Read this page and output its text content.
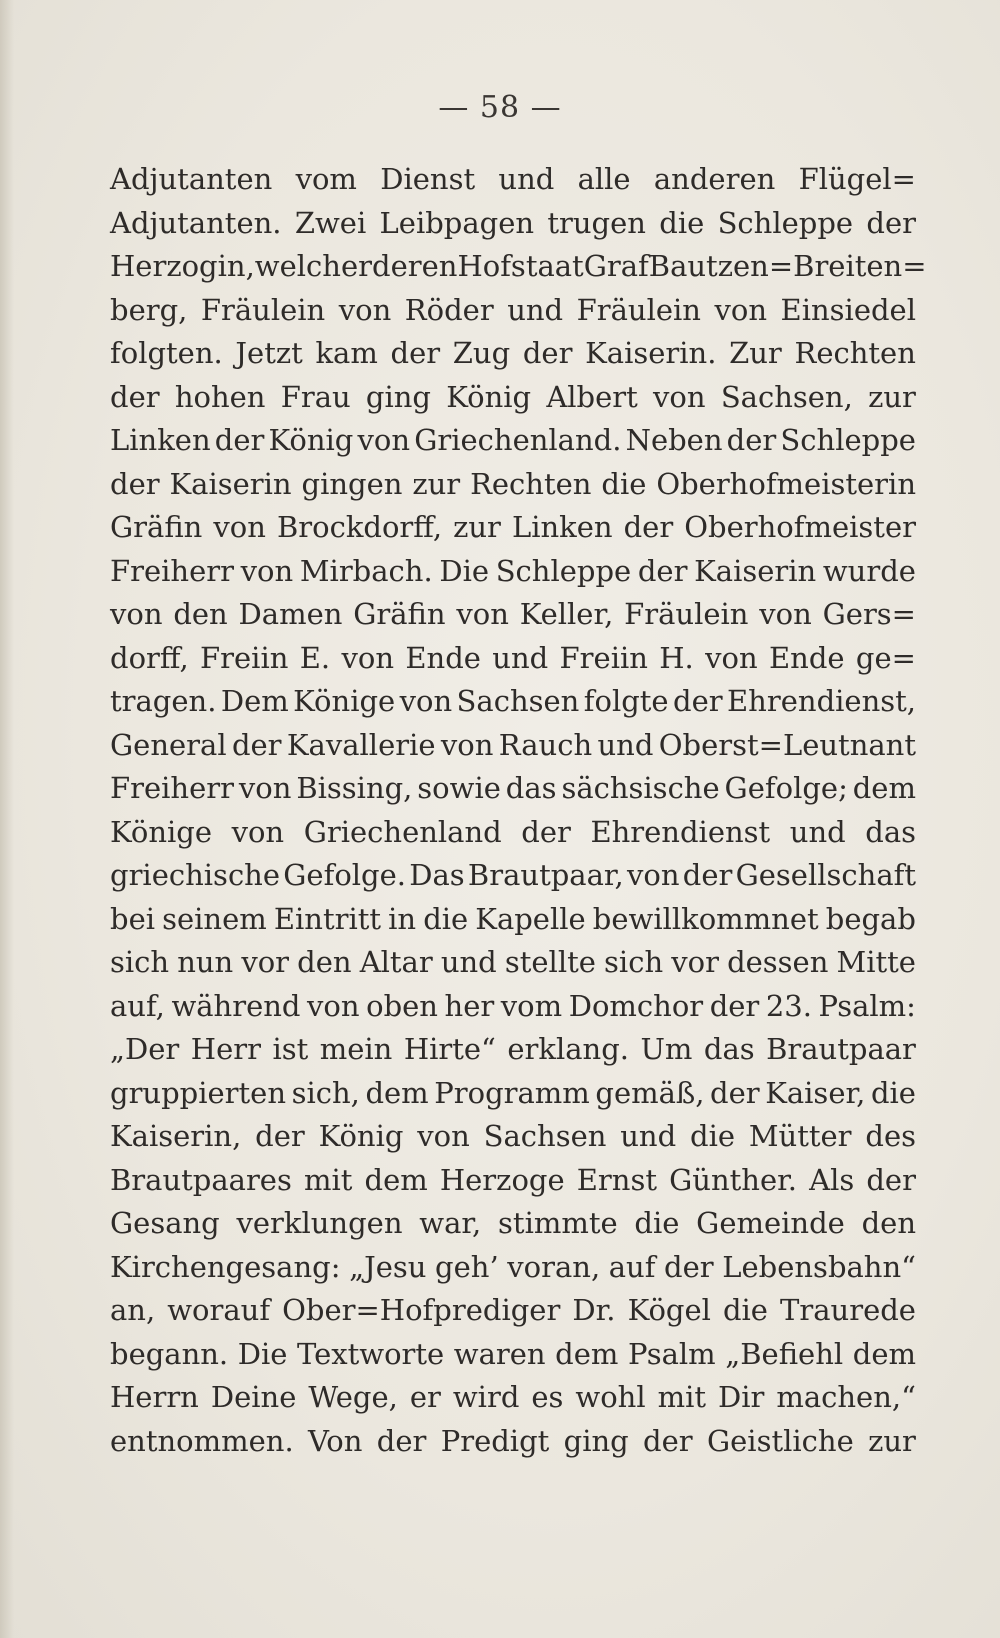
— 58 —
Adjutanten vom Dienst und alle anderen Flügel=
Adjutanten. Zwei Leibpagen trugen die Schleppe der
Herzogin, welcher deren Hofstaat Graf Bautzen=Breiten=
berg, Fräulein von Röder und Fräulein von Einsiedel
folgten. Jetzt kam der Zug der Kaiserin. Zur Rechten
der hohen Frau ging König Albert von Sachsen, zur
Linken der König von Griechenland. Neben der Schleppe
der Kaiserin gingen zur Rechten die Oberhofmeisterin
Gräfin von Brockdorff, zur Linken der Oberhofmeister
Freiherr von Mirbach. Die Schleppe der Kaiserin wurde
von den Damen Gräfin von Keller, Fräulein von Gers=
dorff, Freiin E. von Ende und Freiin H. von Ende ge=
tragen. Dem Könige von Sachsen folgte der Ehrendienst,
General der Kavallerie von Rauch und Oberst=Leutnant
Freiherr von Bissing, sowie das sächsische Gefolge; dem
Könige von Griechenland der Ehrendienst und das
griechische Gefolge. Das Brautpaar, von der Gesellschaft
bei seinem Eintritt in die Kapelle bewillkommnet begab
sich nun vor den Altar und stellte sich vor dessen Mitte
auf, während von oben her vom Domchor der 23. Psalm:
„Der Herr ist mein Hirte“ erklang. Um das Brautpaar
gruppierten sich, dem Programm gemäß, der Kaiser, die
Kaiserin, der König von Sachsen und die Mütter des
Brautpaares mit dem Herzoge Ernst Günther. Als der
Gesang verklungen war, stimmte die Gemeinde den
Kirchengesang: „Jesu geh’ voran, auf der Lebensbahn“
an, worauf Ober=Hofprediger Dr. Kögel die Traurede
begann. Die Textworte waren dem Psalm „Befiehl dem
Herrn Deine Wege, er wird es wohl mit Dir machen,“
entnommen. Von der Predigt ging der Geistliche zur
